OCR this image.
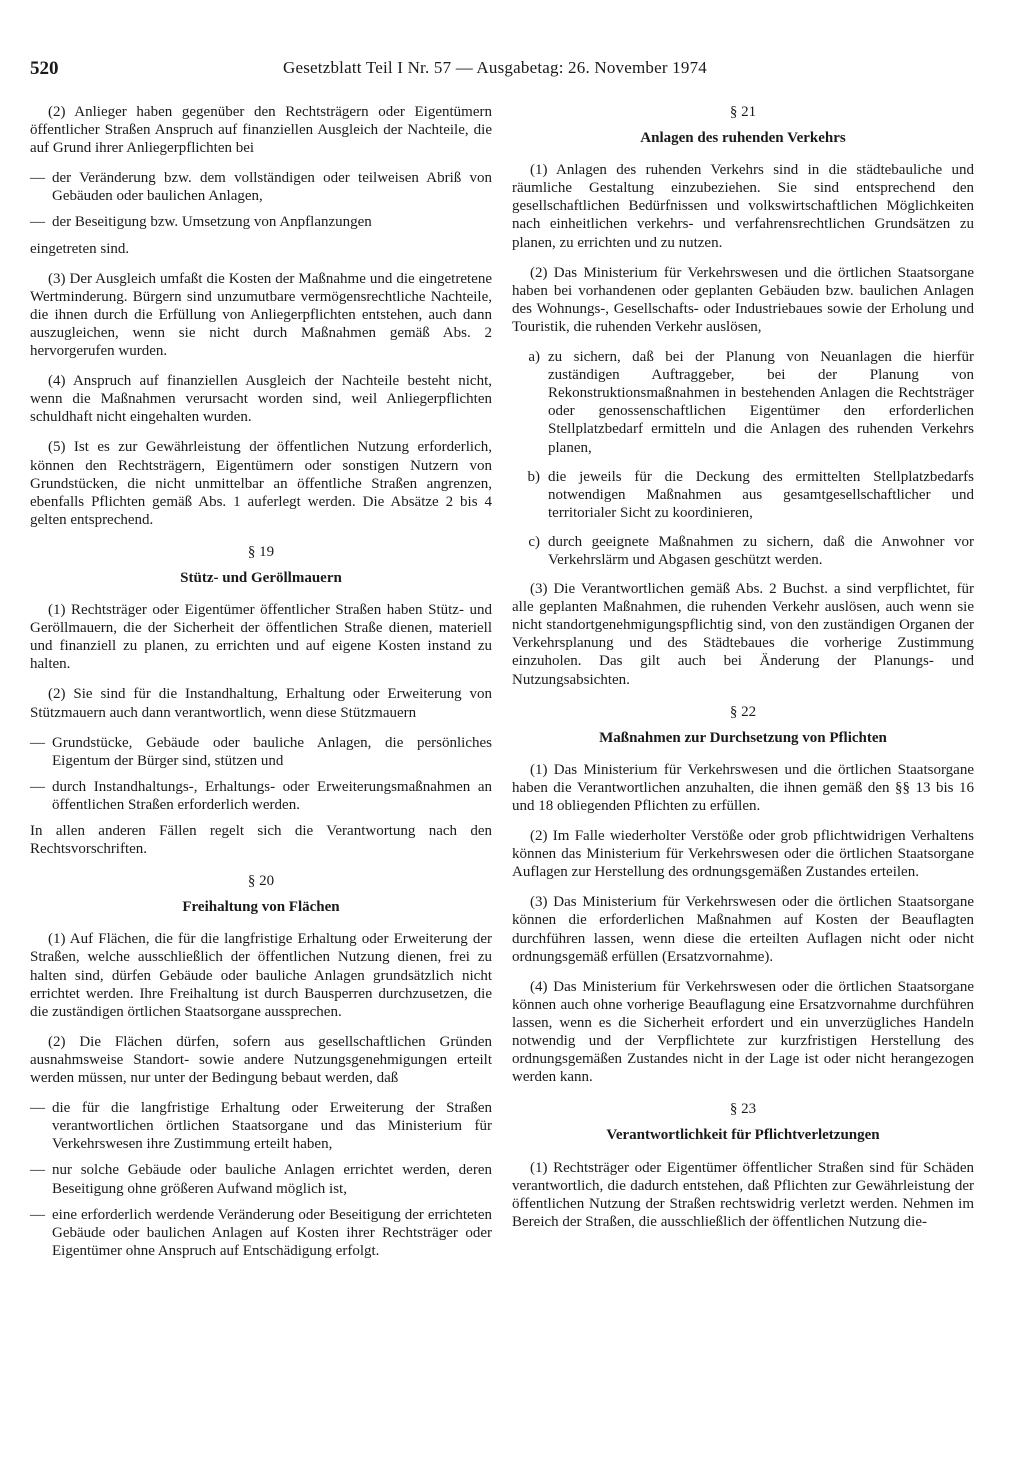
520	Gesetzblatt Teil I Nr. 57 — Ausgabetag: 26. November 1974

(2) Anlieger haben gegenüber den Rechtsträgern oder Eigentümern öffentlicher Straßen Anspruch auf finanziellen Ausgleich der Nachteile, die auf Grund ihrer Anliegerpflichten bei

— der Veränderung bzw. dem vollständigen oder teilweisen Abriß von Gebäuden oder baulichen Anlagen,
— der Beseitigung bzw. Umsetzung von Anpflanzungen

eingetreten sind.

(3) Der Ausgleich umfaßt die Kosten der Maßnahme und die eingetretene Wertminderung. Bürgern sind unzumutbare vermögensrechtliche Nachteile, die ihnen durch die Erfüllung von Anliegerpflichten entstehen, auch dann auszugleichen, wenn sie nicht durch Maßnahmen gemäß Abs. 2 hervorgerufen wurden.

(4) Anspruch auf finanziellen Ausgleich der Nachteile besteht nicht, wenn die Maßnahmen verursacht worden sind, weil Anliegerpflichten schuldhaft nicht eingehalten wurden.

(5) Ist es zur Gewährleistung der öffentlichen Nutzung erforderlich, können den Rechtsträgern, Eigentümern oder sonstigen Nutzern von Grundstücken, die nicht unmittelbar an öffentliche Straßen angrenzen, ebenfalls Pflichten gemäß Abs. 1 auferlegt werden. Die Absätze 2 bis 4 gelten entsprechend.

§ 19
Stütz- und Geröllmauern

(1) Rechtsträger oder Eigentümer öffentlicher Straßen haben Stütz- und Geröllmauern, die der Sicherheit der öffentlichen Straße dienen, materiell und finanziell zu planen, zu errichten und auf eigene Kosten instand zu halten.

(2) Sie sind für die Instandhaltung, Erhaltung oder Erweiterung von Stützmauern auch dann verantwortlich, wenn diese Stützmauern

— Grundstücke, Gebäude oder bauliche Anlagen, die persönliches Eigentum der Bürger sind, stützen und
— durch Instandhaltungs-, Erhaltungs- oder Erweiterungsmaßnahmen an öffentlichen Straßen erforderlich werden.

In allen anderen Fällen regelt sich die Verantwortung nach den Rechtsvorschriften.

§ 20
Freihaltung von Flächen

(1) Auf Flächen, die für die langfristige Erhaltung oder Erweiterung der Straßen, welche ausschließlich der öffentlichen Nutzung dienen, frei zu halten sind, dürfen Gebäude oder bauliche Anlagen grundsätzlich nicht errichtet werden. Ihre Freihaltung ist durch Bausperren durchzusetzen, die die zuständigen örtlichen Staatsorgane aussprechen.

(2) Die Flächen dürfen, sofern aus gesellschaftlichen Gründen ausnahmsweise Standort- sowie andere Nutzungsgenehmigungen erteilt werden müssen, nur unter der Bedingung bebaut werden, daß

— die für die langfristige Erhaltung oder Erweiterung der Straßen verantwortlichen örtlichen Staatsorgane und das Ministerium für Verkehrswesen ihre Zustimmung erteilt haben,
— nur solche Gebäude oder bauliche Anlagen errichtet werden, deren Beseitigung ohne größeren Aufwand möglich ist,
— eine erforderlich werdende Veränderung oder Beseitigung der errichteten Gebäude oder baulichen Anlagen auf Kosten ihrer Rechtsträger oder Eigentümer ohne Anspruch auf Entschädigung erfolgt.
§ 21
Anlagen des ruhenden Verkehrs

(1) Anlagen des ruhenden Verkehrs sind in die städtebauliche und räumliche Gestaltung einzubeziehen. Sie sind entsprechend den gesellschaftlichen Bedürfnissen und volkswirtschaftlichen Möglichkeiten nach einheitlichen verkehrs- und verfahrensrechtlichen Grundsätzen zu planen, zu errichten und zu nutzen.

(2) Das Ministerium für Verkehrswesen und die örtlichen Staatsorgane haben bei vorhandenen oder geplanten Gebäuden bzw. baulichen Anlagen des Wohnungs-, Gesellschafts- oder Industriebaues sowie der Erholung und Touristik, die ruhenden Verkehr auslösen,

a) zu sichern, daß bei der Planung von Neuanlagen die hierfür zuständigen Auftraggeber, bei der Planung von Rekonstruktionsmaßnahmen in bestehenden Anlagen die Rechtsträger oder genossenschaftlichen Eigentümer den erforderlichen Stellplatzbedarf ermitteln und die Anlagen des ruhenden Verkehrs planen,
b) die jeweils für die Deckung des ermittelten Stellplatzbedarfs notwendigen Maßnahmen aus gesamtgesellschaftlicher und territorialer Sicht zu koordinieren,
c) durch geeignete Maßnahmen zu sichern, daß die Anwohner vor Verkehrslärm und Abgasen geschützt werden.

(3) Die Verantwortlichen gemäß Abs. 2 Buchst. a sind verpflichtet, für alle geplanten Maßnahmen, die ruhenden Verkehr auslösen, auch wenn sie nicht standortgenehmigungspflichtig sind, von den zuständigen Organen der Verkehrsplanung und des Städtebaues die vorherige Zustimmung einzuholen. Das gilt auch bei Änderung der Planungs- und Nutzungsabsichten.

§ 22
Maßnahmen zur Durchsetzung von Pflichten

(1) Das Ministerium für Verkehrswesen und die örtlichen Staatsorgane haben die Verantwortlichen anzuhalten, die ihnen gemäß den §§ 13 bis 16 und 18 obliegenden Pflichten zu erfüllen.

(2) Im Falle wiederholter Verstöße oder grob pflichtwidrigen Verhaltens können das Ministerium für Verkehrswesen oder die örtlichen Staatsorgane Auflagen zur Herstellung des ordnungsgemäßen Zustandes erteilen.

(3) Das Ministerium für Verkehrswesen oder die örtlichen Staatsorgane können die erforderlichen Maßnahmen auf Kosten der Beauflagten durchführen lassen, wenn diese die erteilten Auflagen nicht oder nicht ordnungsgemäß erfüllen (Ersatzvornahme).

(4) Das Ministerium für Verkehrswesen oder die örtlichen Staatsorgane können auch ohne vorherige Beauflagung eine Ersatzvornahme durchführen lassen, wenn es die Sicherheit erfordert und ein unverzügliches Handeln notwendig und der Verpflichtete zur kurzfristigen Herstellung des ordnungsgemäßen Zustandes nicht in der Lage ist oder nicht herangezogen werden kann.

§ 23
Verantwortlichkeit für Pflichtverletzungen

(1) Rechtsträger oder Eigentümer öffentlicher Straßen sind für Schäden verantwortlich, die dadurch entstehen, daß Pflichten zur Gewährleistung der öffentlichen Nutzung der Straßen rechtswidrig verletzt werden. Nehmen im Bereich der Straßen, die ausschließlich der öffentlichen Nutzung die-
